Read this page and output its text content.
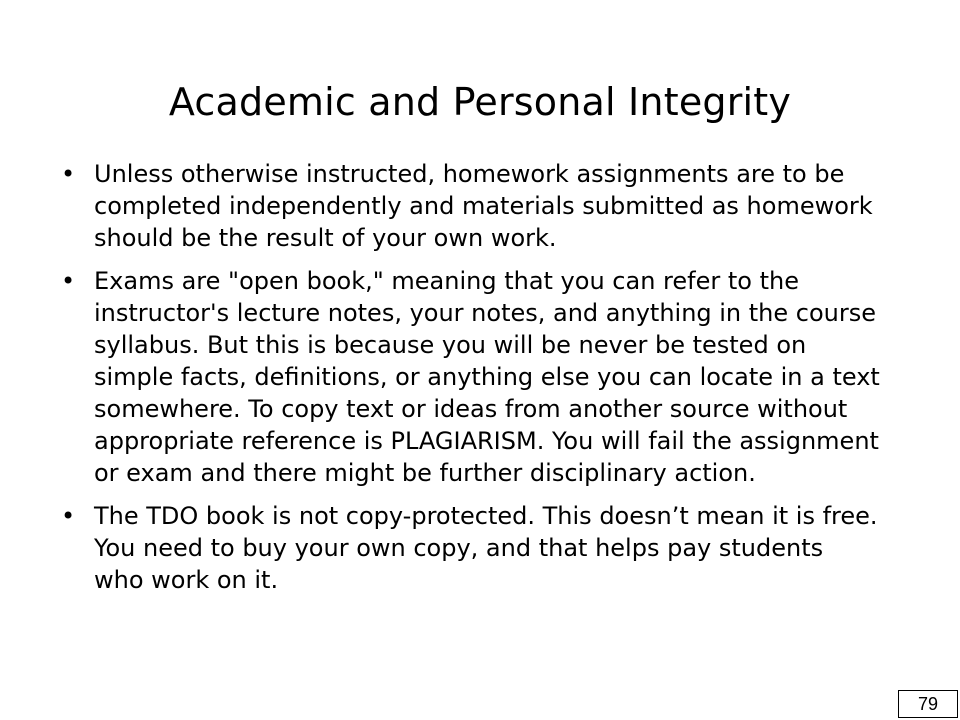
Academic and Personal Integrity
• Unless otherwise instructed, homework assignments are to be completed independently and materials submitted as homework should be the result of your own work.
• Exams are "open book," meaning that you can refer to the instructor's lecture notes, your notes, and anything in the course syllabus. But this is because you will be never be tested on simple facts, definitions, or anything else you can locate in a text somewhere. To copy text or ideas from another source without appropriate reference is PLAGIARISM. You will fail the assignment or exam and there might be further disciplinary action.
• The TDO book is not copy-protected. This doesn’t mean it is free. You need to buy your own copy, and that helps pay students who work on it.
79
